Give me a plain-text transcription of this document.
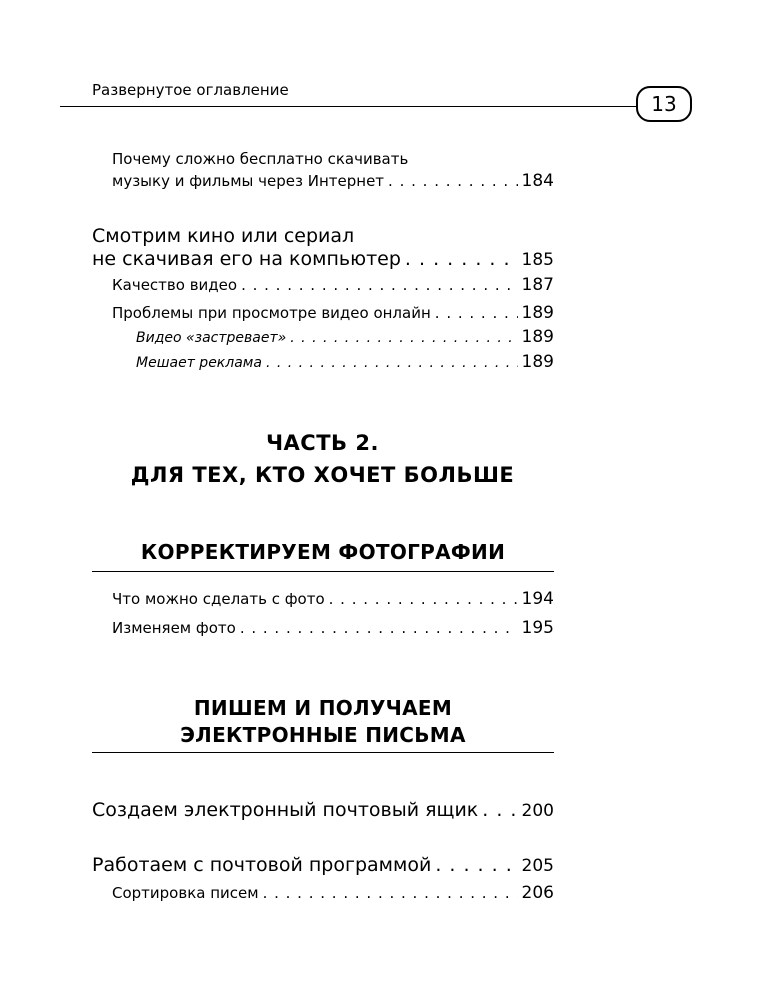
Развернутое оглавление
13
Почему сложно бесплатно скачивать
музыку и фильмы через Интернет . . .	184
Смотрим кино или сериал
не скачивая его на компьютер . . .	185
Качество видео . . .	187
Проблемы при просмотре видео онлайн . . .	189
Видео «застревает» . . .	189
Мешает реклама . . .	189
ЧАСТЬ 2.
ДЛЯ ТЕХ, КТО ХОЧЕТ БОЛЬШЕ
КОРРЕКТИРУЕМ ФОТОГРАФИИ
Что можно сделать с фото . . .	194
Изменяем фото . . .	195
ПИШЕМ И ПОЛУЧАЕМ
ЭЛЕКТРОННЫЕ ПИСЬМА
Создаем электронный почтовый ящик . . .	200
Работаем с почтовой программой . . .	205
Сортировка писем . . .	206
